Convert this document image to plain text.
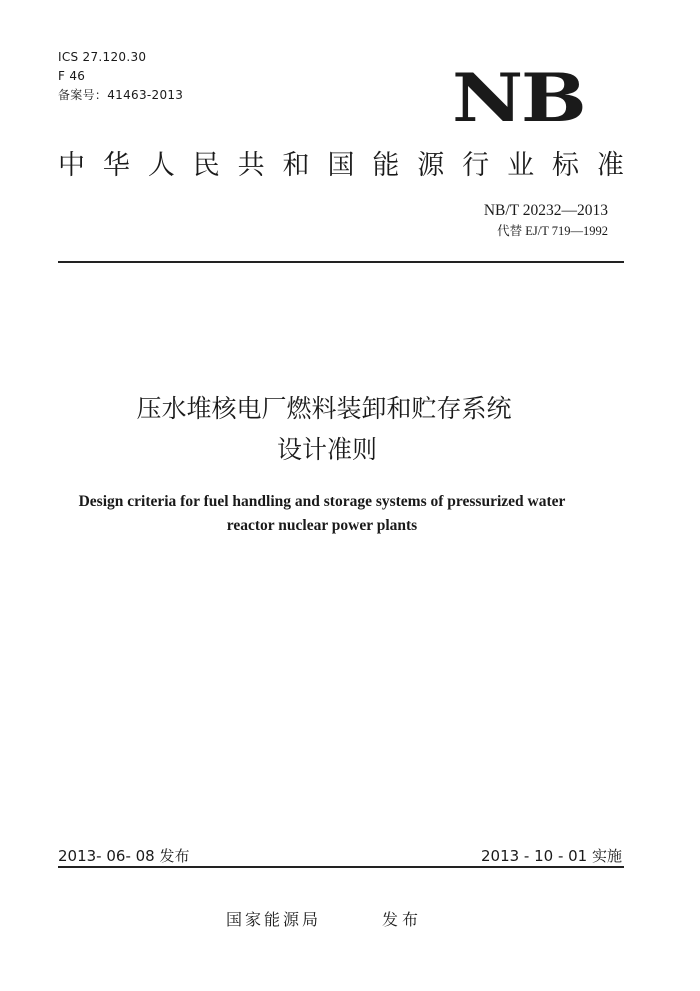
ICS 27.120.30
F 46
备案号：41463-2013	NB
中 华 人 民 共 和 国 能 源 行 业 标 准
NB/T 20232—2013
代替 EJ/T 719—1992
压水堆核电厂燃料装卸和贮存系统
设计准则
Design criteria for fuel handling and storage systems of pressurized water
reactor nuclear power plants
2013- 06- 08 发布	2013 - 10 - 01 实施
国家能源局	发布
